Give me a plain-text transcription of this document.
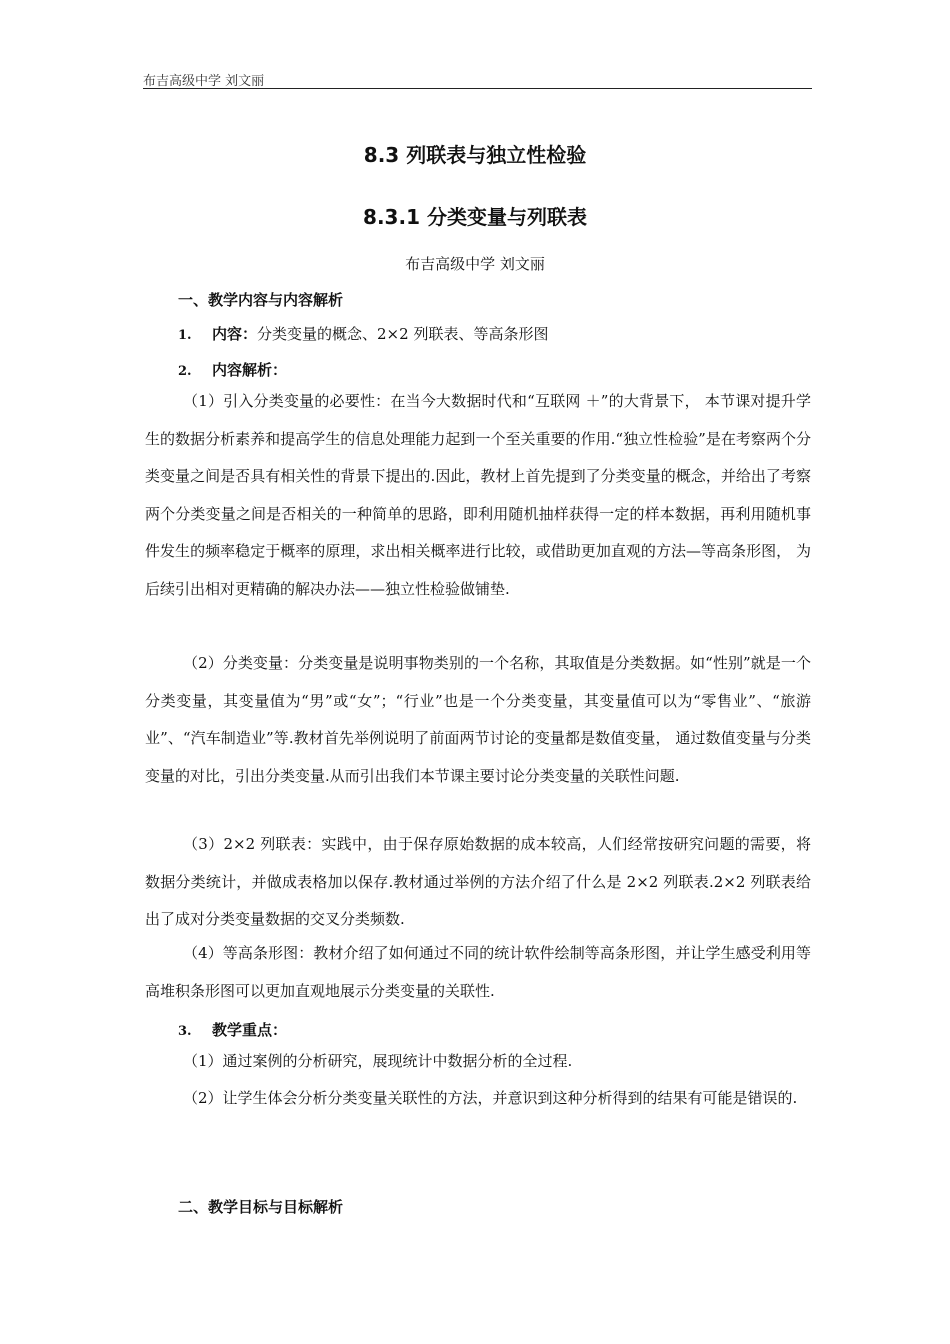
布吉高级中学 刘文丽
8.3 列联表与独立性检验
8.3.1 分类变量与列联表
布吉高级中学 刘文丽
一、教学内容与内容解析
1. 内容：分类变量的概念、2×2 列联表、等高条形图
2. 内容解析：

（1）引入分类变量的必要性：在当今大数据时代和“互联网 ＋”的大背景下， 本节课对提升学生的数据分析素养和提高学生的信息处理能力起到一个至关重要的作用.“独立性检验”是在考察两个分类变量之间是否具有相关性的背景下提出的.因此，教材上首先提到了分类变量的概念，并给出了考察两个分类变量之间是否相关的一种简单的思路，即利用随机抽样获得一定的样本数据，再利用随机事件发生的频率稳定于概率的原理，求出相关概率进行比较，或借助更加直观的方法—等高条形图， 为后续引出相对更精确的解决办法——独立性检验做铺垫.

（2）分类变量：分类变量是说明事物类别的一个名称，其取值是分类数据。如“性别”就是一个分类变量，其变量值为“男”或“女”；“行业”也是一个分类变量，其变量值可以为“零售业”、“旅游业”、“汽车制造业”等.教材首先举例说明了前面两节讨论的变量都是数值变量， 通过数值变量与分类变量的对比，引出分类变量.从而引出我们本节课主要讨论分类变量的关联性问题.

（3）2×2 列联表：实践中，由于保存原始数据的成本较高，人们经常按研究问题的需要，将数据分类统计，并做成表格加以保存.教材通过举例的方法介绍了什么是 2×2 列联表.2×2 列联表给出了成对分类变量数据的交叉分类频数.

（4）等高条形图：教材介绍了如何通过不同的统计软件绘制等高条形图，并让学生感受利用等高堆积条形图可以更加直观地展示分类变量的关联性.

3. 教学重点：

（1）通过案例的分析研究，展现统计中数据分析的全过程.

（2）让学生体会分析分类变量关联性的方法，并意识到这种分析得到的结果有可能是错误的.

二、教学目标与目标解析
